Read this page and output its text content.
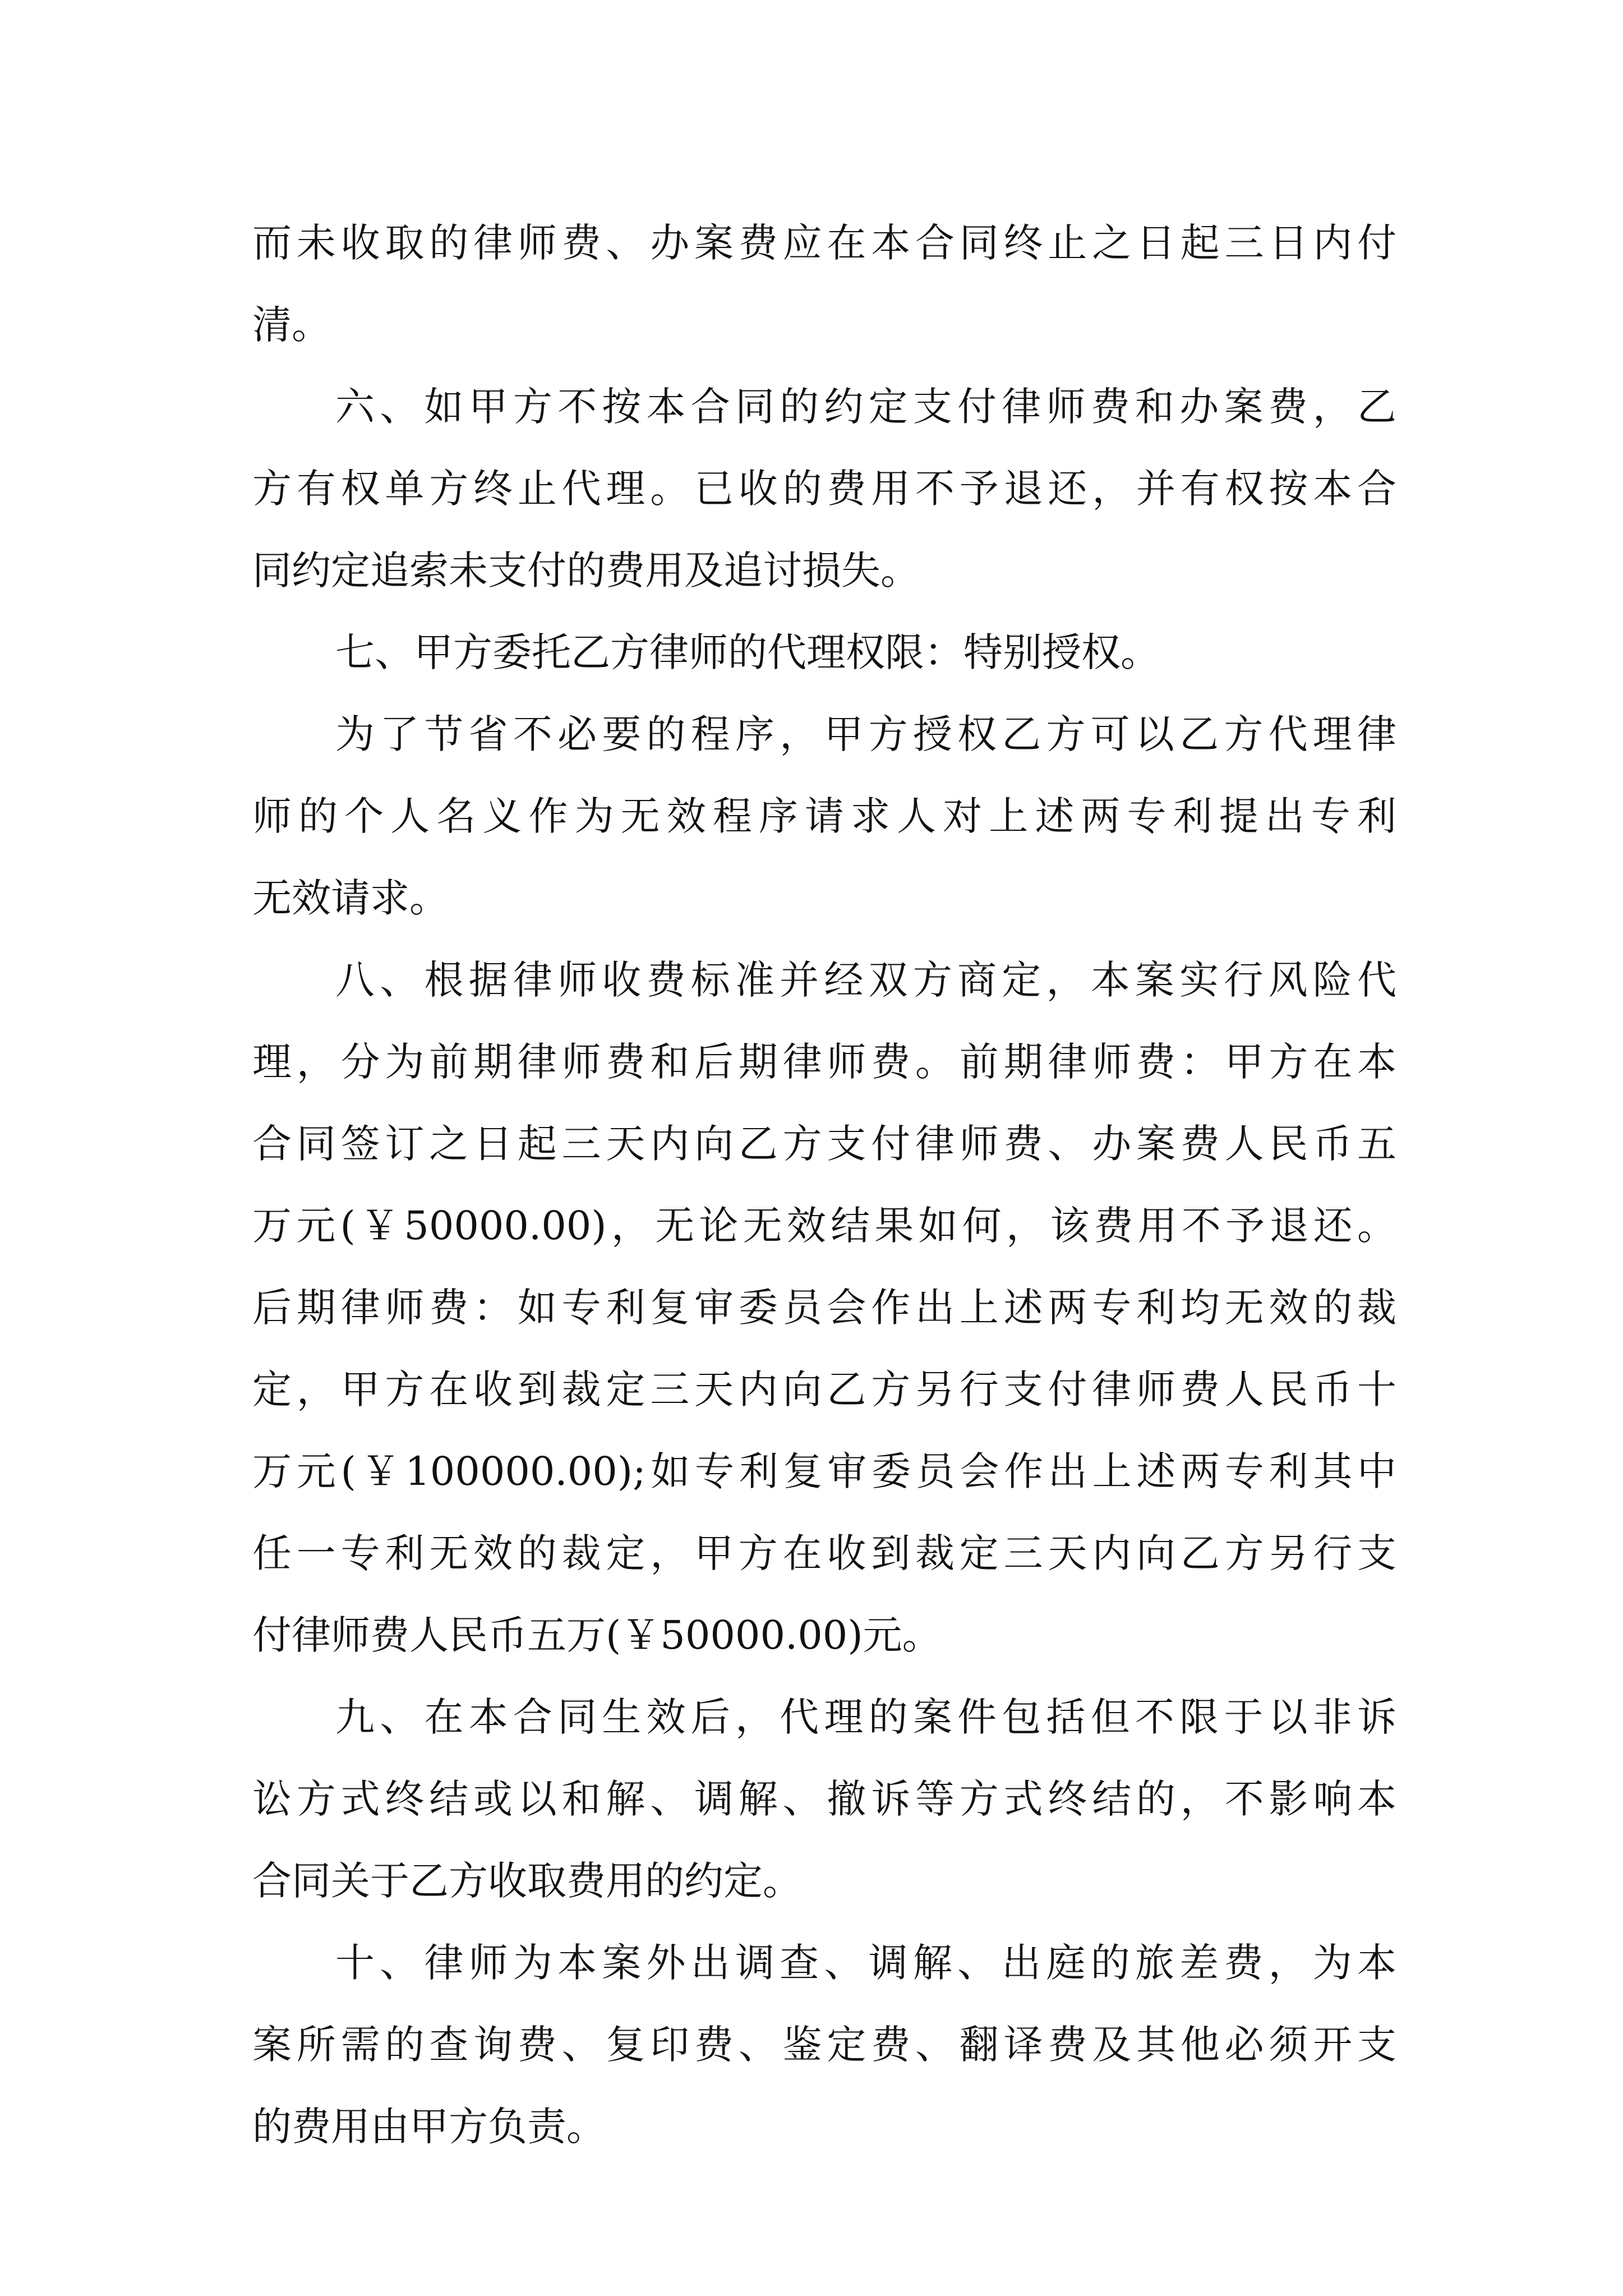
而未收取的律师费、办案费应在本合同终止之日起三日内付
清。
六、如甲方不按本合同的约定支付律师费和办案费，乙
方有权单方终止代理。已收的费用不予退还，并有权按本合
同约定追索未支付的费用及追讨损失。
七、甲方委托乙方律师的代理权限：特别授权。
为了节省不必要的程序，甲方授权乙方可以乙方代理律
师的个人名义作为无效程序请求人对上述两专利提出专利
无效请求。
八、根据律师收费标准并经双方商定，本案实行风险代
理，分为前期律师费和后期律师费。前期律师费：甲方在本
合同签订之日起三天内向乙方支付律师费、办案费人民币五
万元(￥50000.00)，无论无效结果如何，该费用不予退还。
后期律师费：如专利复审委员会作出上述两专利均无效的裁
定，甲方在收到裁定三天内向乙方另行支付律师费人民币十
万元(￥100000.00);如专利复审委员会作出上述两专利其中
任一专利无效的裁定，甲方在收到裁定三天内向乙方另行支
付律师费人民币五万(￥50000.00)元。
九、在本合同生效后，代理的案件包括但不限于以非诉
讼方式终结或以和解、调解、撤诉等方式终结的，不影响本
合同关于乙方收取费用的约定。
十、律师为本案外出调查、调解、出庭的旅差费，为本
案所需的查询费、复印费、鉴定费、翻译费及其他必须开支
的费用由甲方负责。
